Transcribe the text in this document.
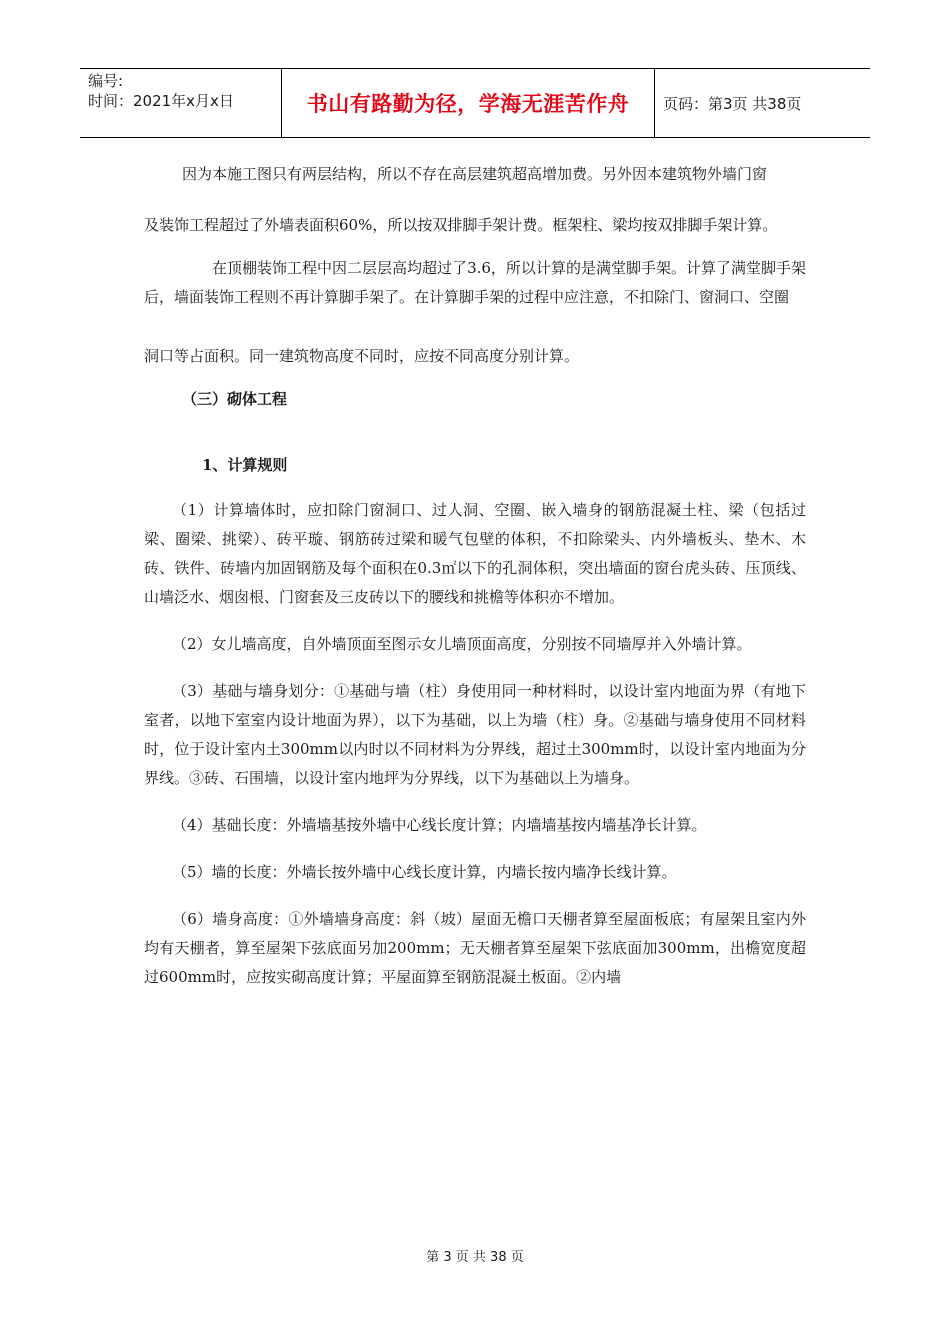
编号:
时间：2021年x月x日	书山有路勤为径，学海无涯苦作舟 页码：第3页 共38页

因为本施工图只有两层结构，所以不存在高层建筑超高增加费。另外因本建筑物外墙门窗

及装饰工程超过了外墙表面积60%，所以按双排脚手架计费。框架柱、梁均按双排脚手架计算。

在顶棚装饰工程中因二层层高均超过了3.6，所以计算的是满堂脚手架。计算了满堂脚手架后，墙面装饰工程则不再计算脚手架了。在计算脚手架的过程中应注意，不扣除门、窗洞口、空圈

洞口等占面积。同一建筑物高度不同时，应按不同高度分别计算。

（三）砌体工程

1、计算规则

（1）计算墙体时，应扣除门窗洞口、过人洞、空圈、嵌入墙身的钢筋混凝土柱、梁（包括过梁、圈梁、挑梁）、砖平璇、钢筋砖过梁和暖气包壁的体积，不扣除梁头、内外墙板头、垫木、木砖、铁件、砖墙内加固钢筋及每个面积在0.3㎡以下的孔洞体积，突出墙面的窗台虎头砖、压顶线、山墙泛水、烟囱根、门窗套及三皮砖以下的腰线和挑檐等体积亦不增加。

（2）女儿墙高度，自外墙顶面至图示女儿墙顶面高度，分别按不同墙厚并入外墙计算。

（3）基础与墙身划分：①基础与墙（柱）身使用同一种材料时，以设计室内地面为界（有地下室者，以地下室室内设计地面为界），以下为基础，以上为墙（柱）身。②基础与墙身使用不同材料时，位于设计室内土300mm以内时以不同材料为分界线，超过土300mm时，以设计室内地面为分界线。③砖、石围墙，以设计室内地坪为分界线，以下为基础以上为墙身。

（4）基础长度：外墙墙基按外墙中心线长度计算；内墙墙基按内墙基净长计算。

（5）墙的长度：外墙长按外墙中心线长度计算，内墙长按内墙净长线计算。

（6）墙身高度：①外墙墙身高度：斜（坡）屋面无檐口天棚者算至屋面板底；有屋架且室内外均有天棚者，算至屋架下弦底面另加200mm；无天棚者算至屋架下弦底面加300mm，出檐宽度超过600mm时，应按实砌高度计算；平屋面算至钢筋混凝土板面。②内墙

第 3 页 共 38 页
